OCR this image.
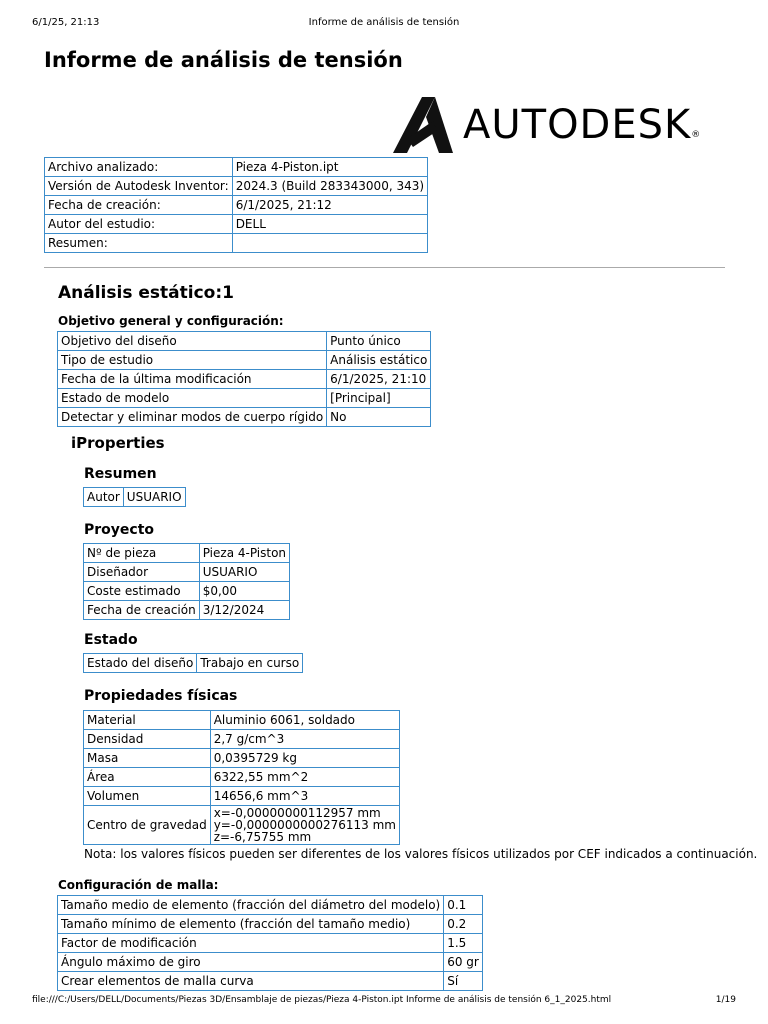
6/1/25, 21:13	Informe de análisis de tensión
Informe de análisis de tensión
AUTODESK ®
Archivo analizado:	Pieza 4-Piston.ipt
Versión de Autodesk Inventor:	2024.3 (Build 283343000, 343)
Fecha de creación:	6/1/2025, 21:12
Autor del estudio:	DELL
Resumen:	
Análisis estático:1
Objetivo general y configuración:
Objetivo del diseño	Punto único
Tipo de estudio	Análisis estático
Fecha de la última modificación	6/1/2025, 21:10
Estado de modelo	[Principal]
Detectar y eliminar modos de cuerpo rígido	No
iProperties
Resumen
Autor	USUARIO
Proyecto
Nº de pieza	Pieza 4-Piston
Diseñador	USUARIO
Coste estimado	$0,00
Fecha de creación	3/12/2024
Estado
Estado del diseño	Trabajo en curso
Propiedades físicas
Material	Aluminio 6061, soldado
Densidad	2,7 g/cm^3
Masa	0,0395729 kg
Área	6322,55 mm^2
Volumen	14656,6 mm^3
Centro de gravedad	x=-0,00000000112957 mm
y=-0,0000000000276113 mm
z=-6,75755 mm
Nota: los valores físicos pueden ser diferentes de los valores físicos utilizados por CEF indicados a continuación.
Configuración de malla:
Tamaño medio de elemento (fracción del diámetro del modelo)	0.1
Tamaño mínimo de elemento (fracción del tamaño medio)	0.2
Factor de modificación	1.5
Ángulo máximo de giro	60 gr
Crear elementos de malla curva	Sí
file:///C:/Users/DELL/Documents/Piezas 3D/Ensamblaje de piezas/Pieza 4-Piston.ipt Informe de análisis de tensión 6_1_2025.html	1/19
